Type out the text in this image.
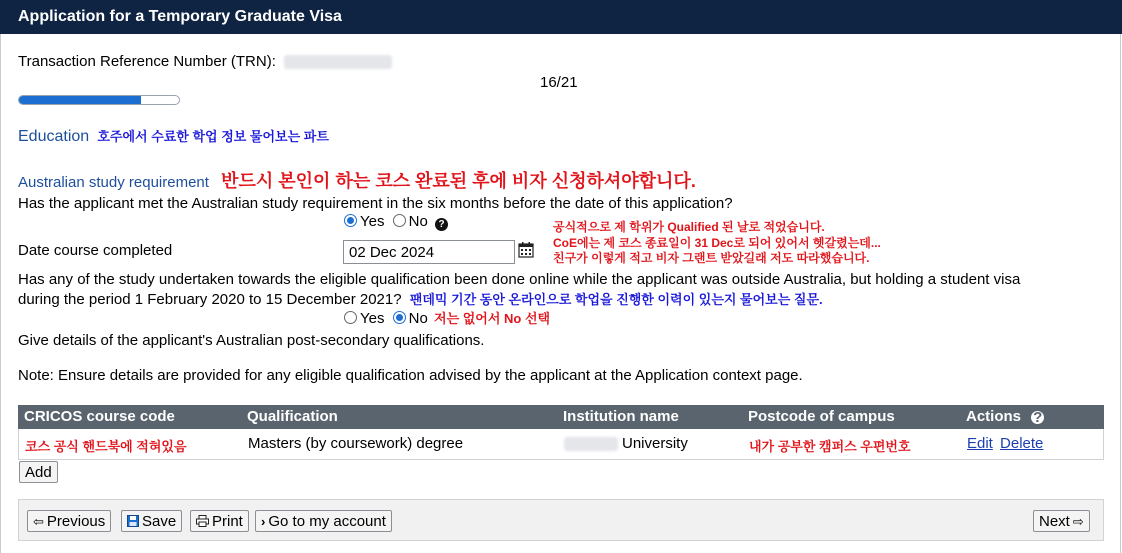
Application for a Temporary Graduate Visa
Transaction Reference Number (TRN):
16/21
Education 호주에서 수료한 학업 정보 물어보는 파트
Australian study requirement 반드시 본인이 하는 코스 완료된 후에 비자 신청하셔야합니다.
Has the applicant met the Australian study requirement in the six months before the date of this application?
Yes No ?	공식적으로 제 학위가 Qualified 된 날로 적었습니다.
CoE에는 제 코스 종료일이 31 Dec로 되어 있어서 헷갈렸는데...
친구가 이렇게 적고 비자 그랜트 받았길래 저도 따라했습니다.
Date course completed
02 Dec 2024
Has any of the study undertaken towards the eligible qualification been done online while the applicant was outside Australia, but holding a student visa
during the period 1 February 2020 to 15 December 2021? 팬데믹 기간 동안 온라인으로 학업을 진행한 이력이 있는지 물어보는 질문.
Yes No 저는 없어서 No 선택
Give details of the applicant's Australian post-secondary qualifications.
Note: Ensure details are provided for any eligible qualification advised by the applicant at the Application context page.
CRICOS course code	Qualification	Institution name	Postcode of campus	Actions ?
코스 공식 핸드북에 적혀있음	Masters (by coursework) degree	University	내가 공부한 캠퍼스 우편번호	Edit Delete
Add
⇦ Previous	Save	Print	› Go to my account	Next ⇨
